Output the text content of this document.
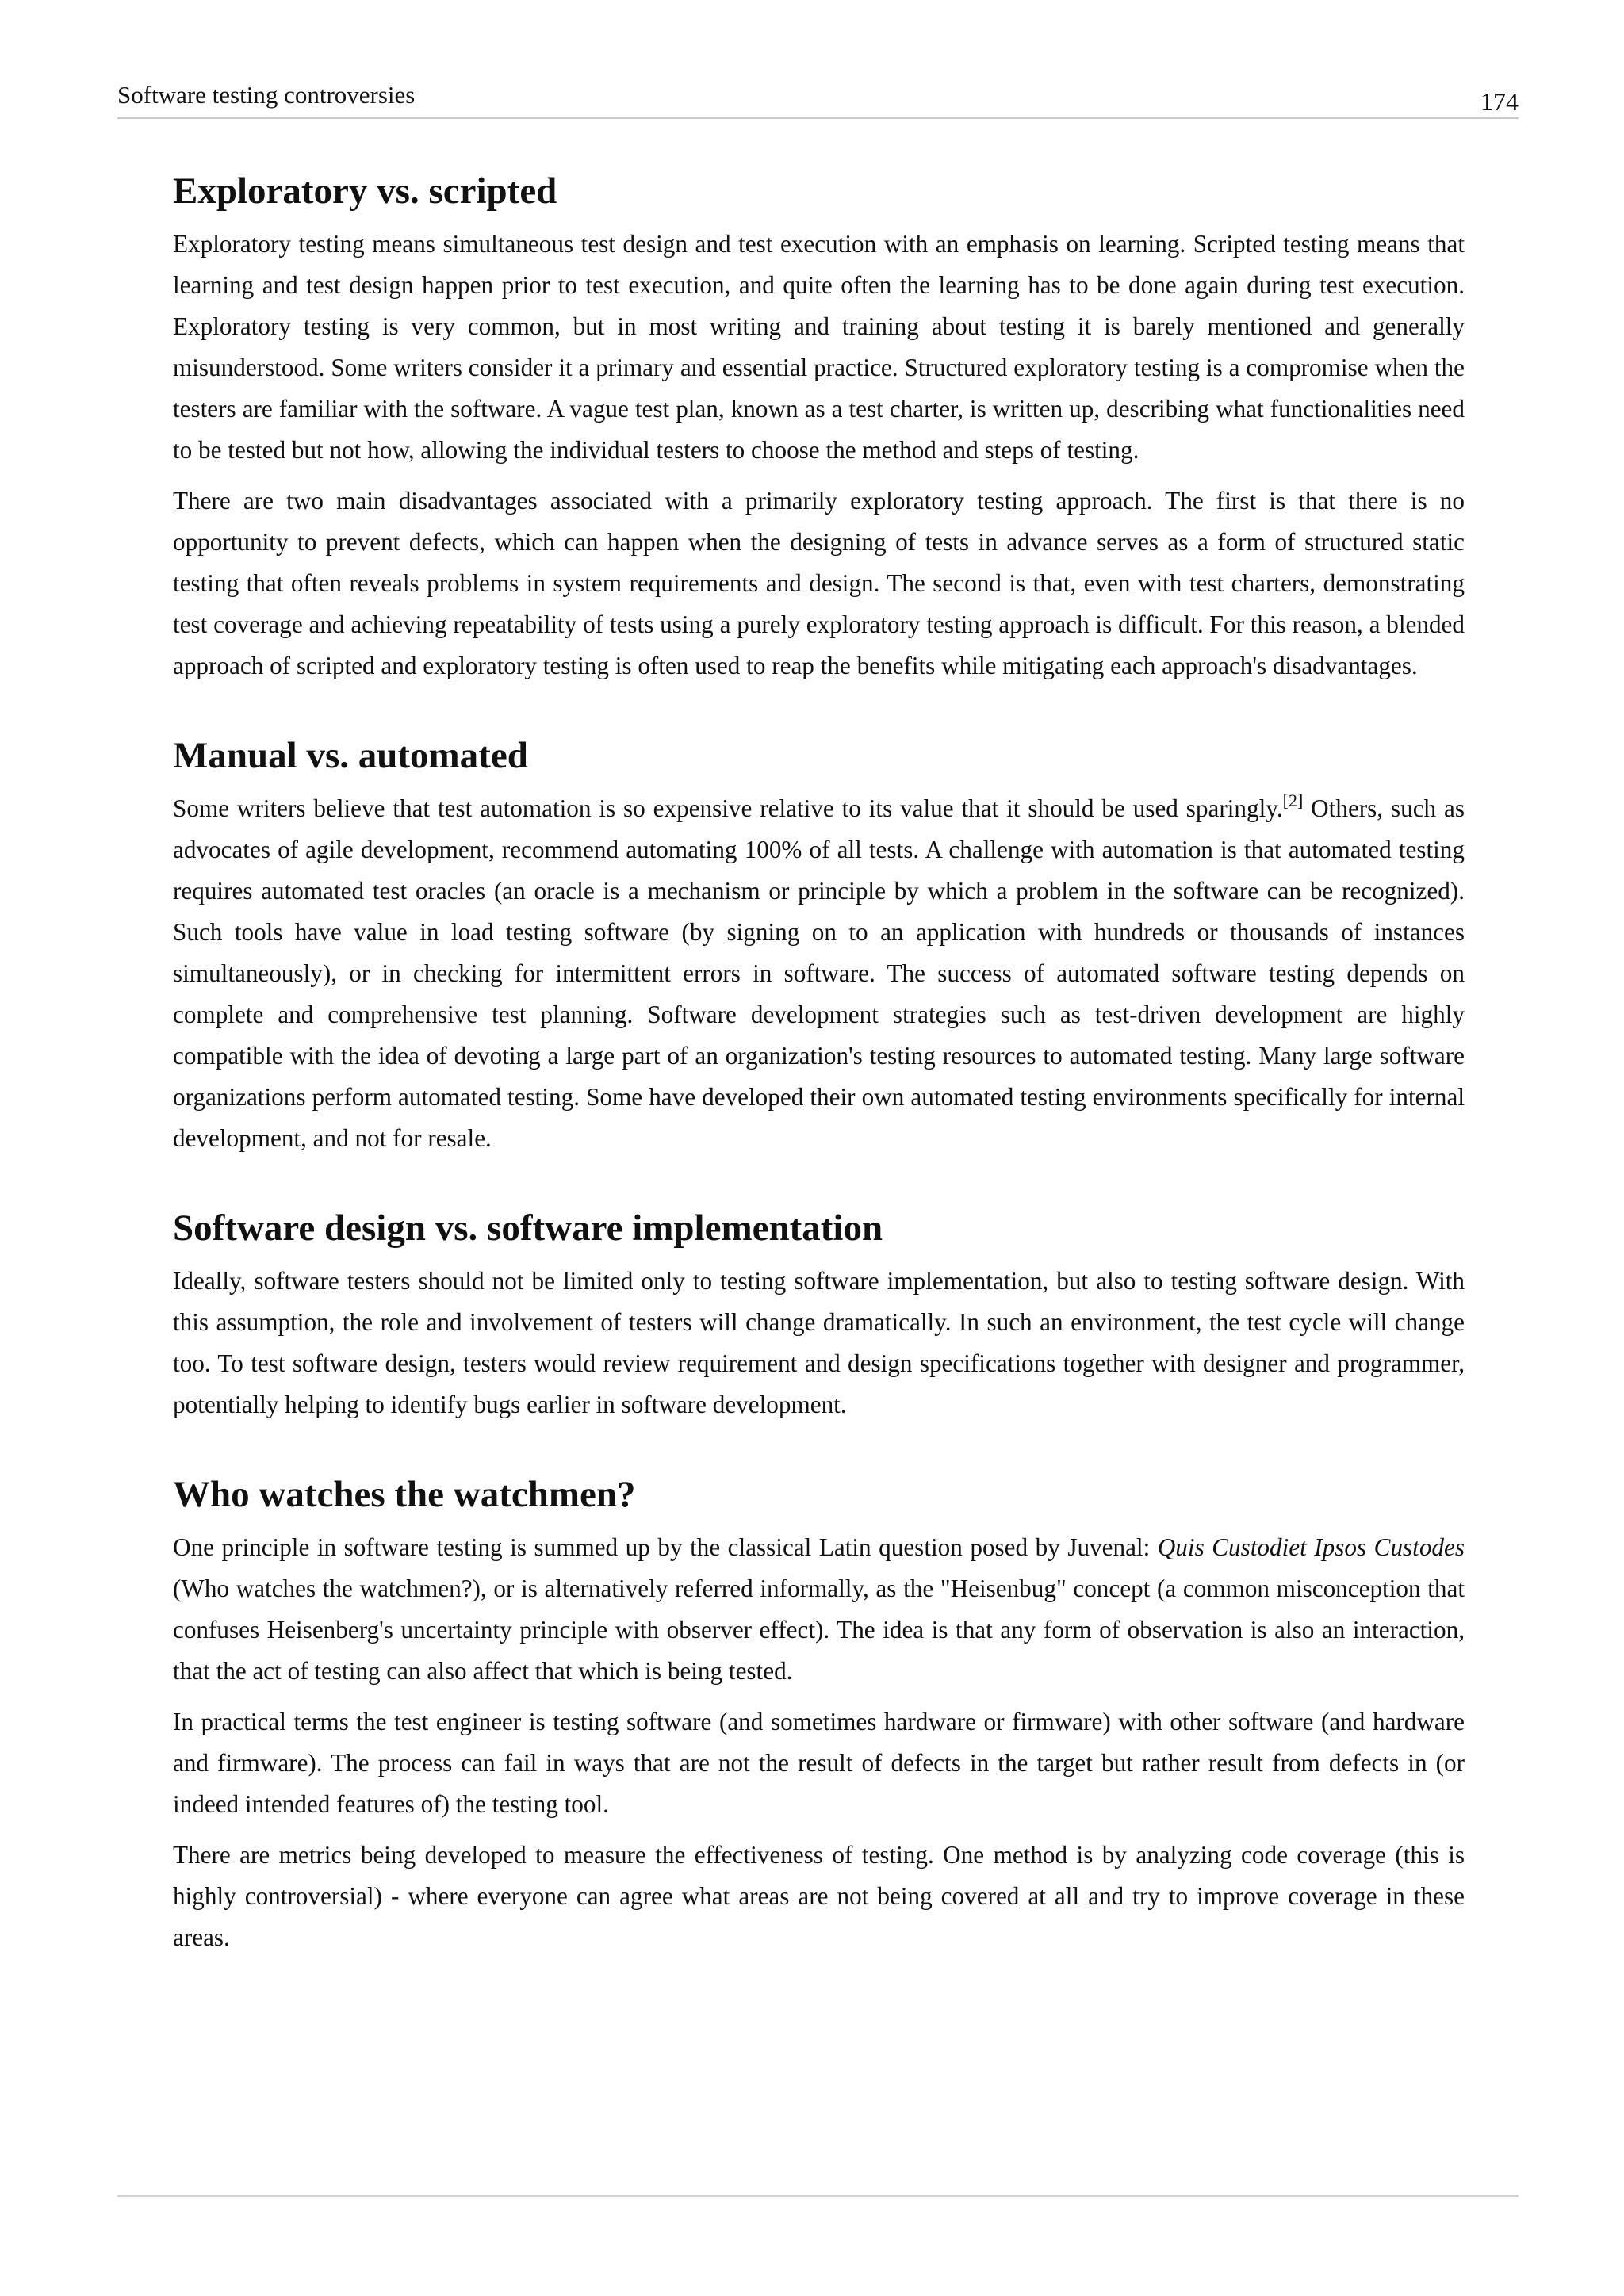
Software testing controversies	174
Exploratory vs. scripted

Exploratory testing means simultaneous test design and test execution with an emphasis on learning. Scripted testing means that learning and test design happen prior to test execution, and quite often the learning has to be done again during test execution. Exploratory testing is very common, but in most writing and training about testing it is barely mentioned and generally misunderstood. Some writers consider it a primary and essential practice. Structured exploratory testing is a compromise when the testers are familiar with the software. A vague test plan, known as a test charter, is written up, describing what functionalities need to be tested but not how, allowing the individual testers to choose the method and steps of testing.

There are two main disadvantages associated with a primarily exploratory testing approach. The first is that there is no opportunity to prevent defects, which can happen when the designing of tests in advance serves as a form of structured static testing that often reveals problems in system requirements and design. The second is that, even with test charters, demonstrating test coverage and achieving repeatability of tests using a purely exploratory testing approach is difficult. For this reason, a blended approach of scripted and exploratory testing is often used to reap the benefits while mitigating each approach's disadvantages.

Manual vs. automated

Some writers believe that test automation is so expensive relative to its value that it should be used sparingly.[2] Others, such as advocates of agile development, recommend automating 100% of all tests. A challenge with automation is that automated testing requires automated test oracles (an oracle is a mechanism or principle by which a problem in the software can be recognized). Such tools have value in load testing software (by signing on to an application with hundreds or thousands of instances simultaneously), or in checking for intermittent errors in software. The success of automated software testing depends on complete and comprehensive test planning. Software development strategies such as test-driven development are highly compatible with the idea of devoting a large part of an organization's testing resources to automated testing. Many large software organizations perform automated testing. Some have developed their own automated testing environments specifically for internal development, and not for resale.

Software design vs. software implementation

Ideally, software testers should not be limited only to testing software implementation, but also to testing software design. With this assumption, the role and involvement of testers will change dramatically. In such an environment, the test cycle will change too. To test software design, testers would review requirement and design specifications together with designer and programmer, potentially helping to identify bugs earlier in software development.

Who watches the watchmen?

One principle in software testing is summed up by the classical Latin question posed by Juvenal: Quis Custodiet Ipsos Custodes (Who watches the watchmen?), or is alternatively referred informally, as the "Heisenbug" concept (a common misconception that confuses Heisenberg's uncertainty principle with observer effect). The idea is that any form of observation is also an interaction, that the act of testing can also affect that which is being tested.

In practical terms the test engineer is testing software (and sometimes hardware or firmware) with other software (and hardware and firmware). The process can fail in ways that are not the result of defects in the target but rather result from defects in (or indeed intended features of) the testing tool.

There are metrics being developed to measure the effectiveness of testing. One method is by analyzing code coverage (this is highly controversial) - where everyone can agree what areas are not being covered at all and try to improve coverage in these areas.
